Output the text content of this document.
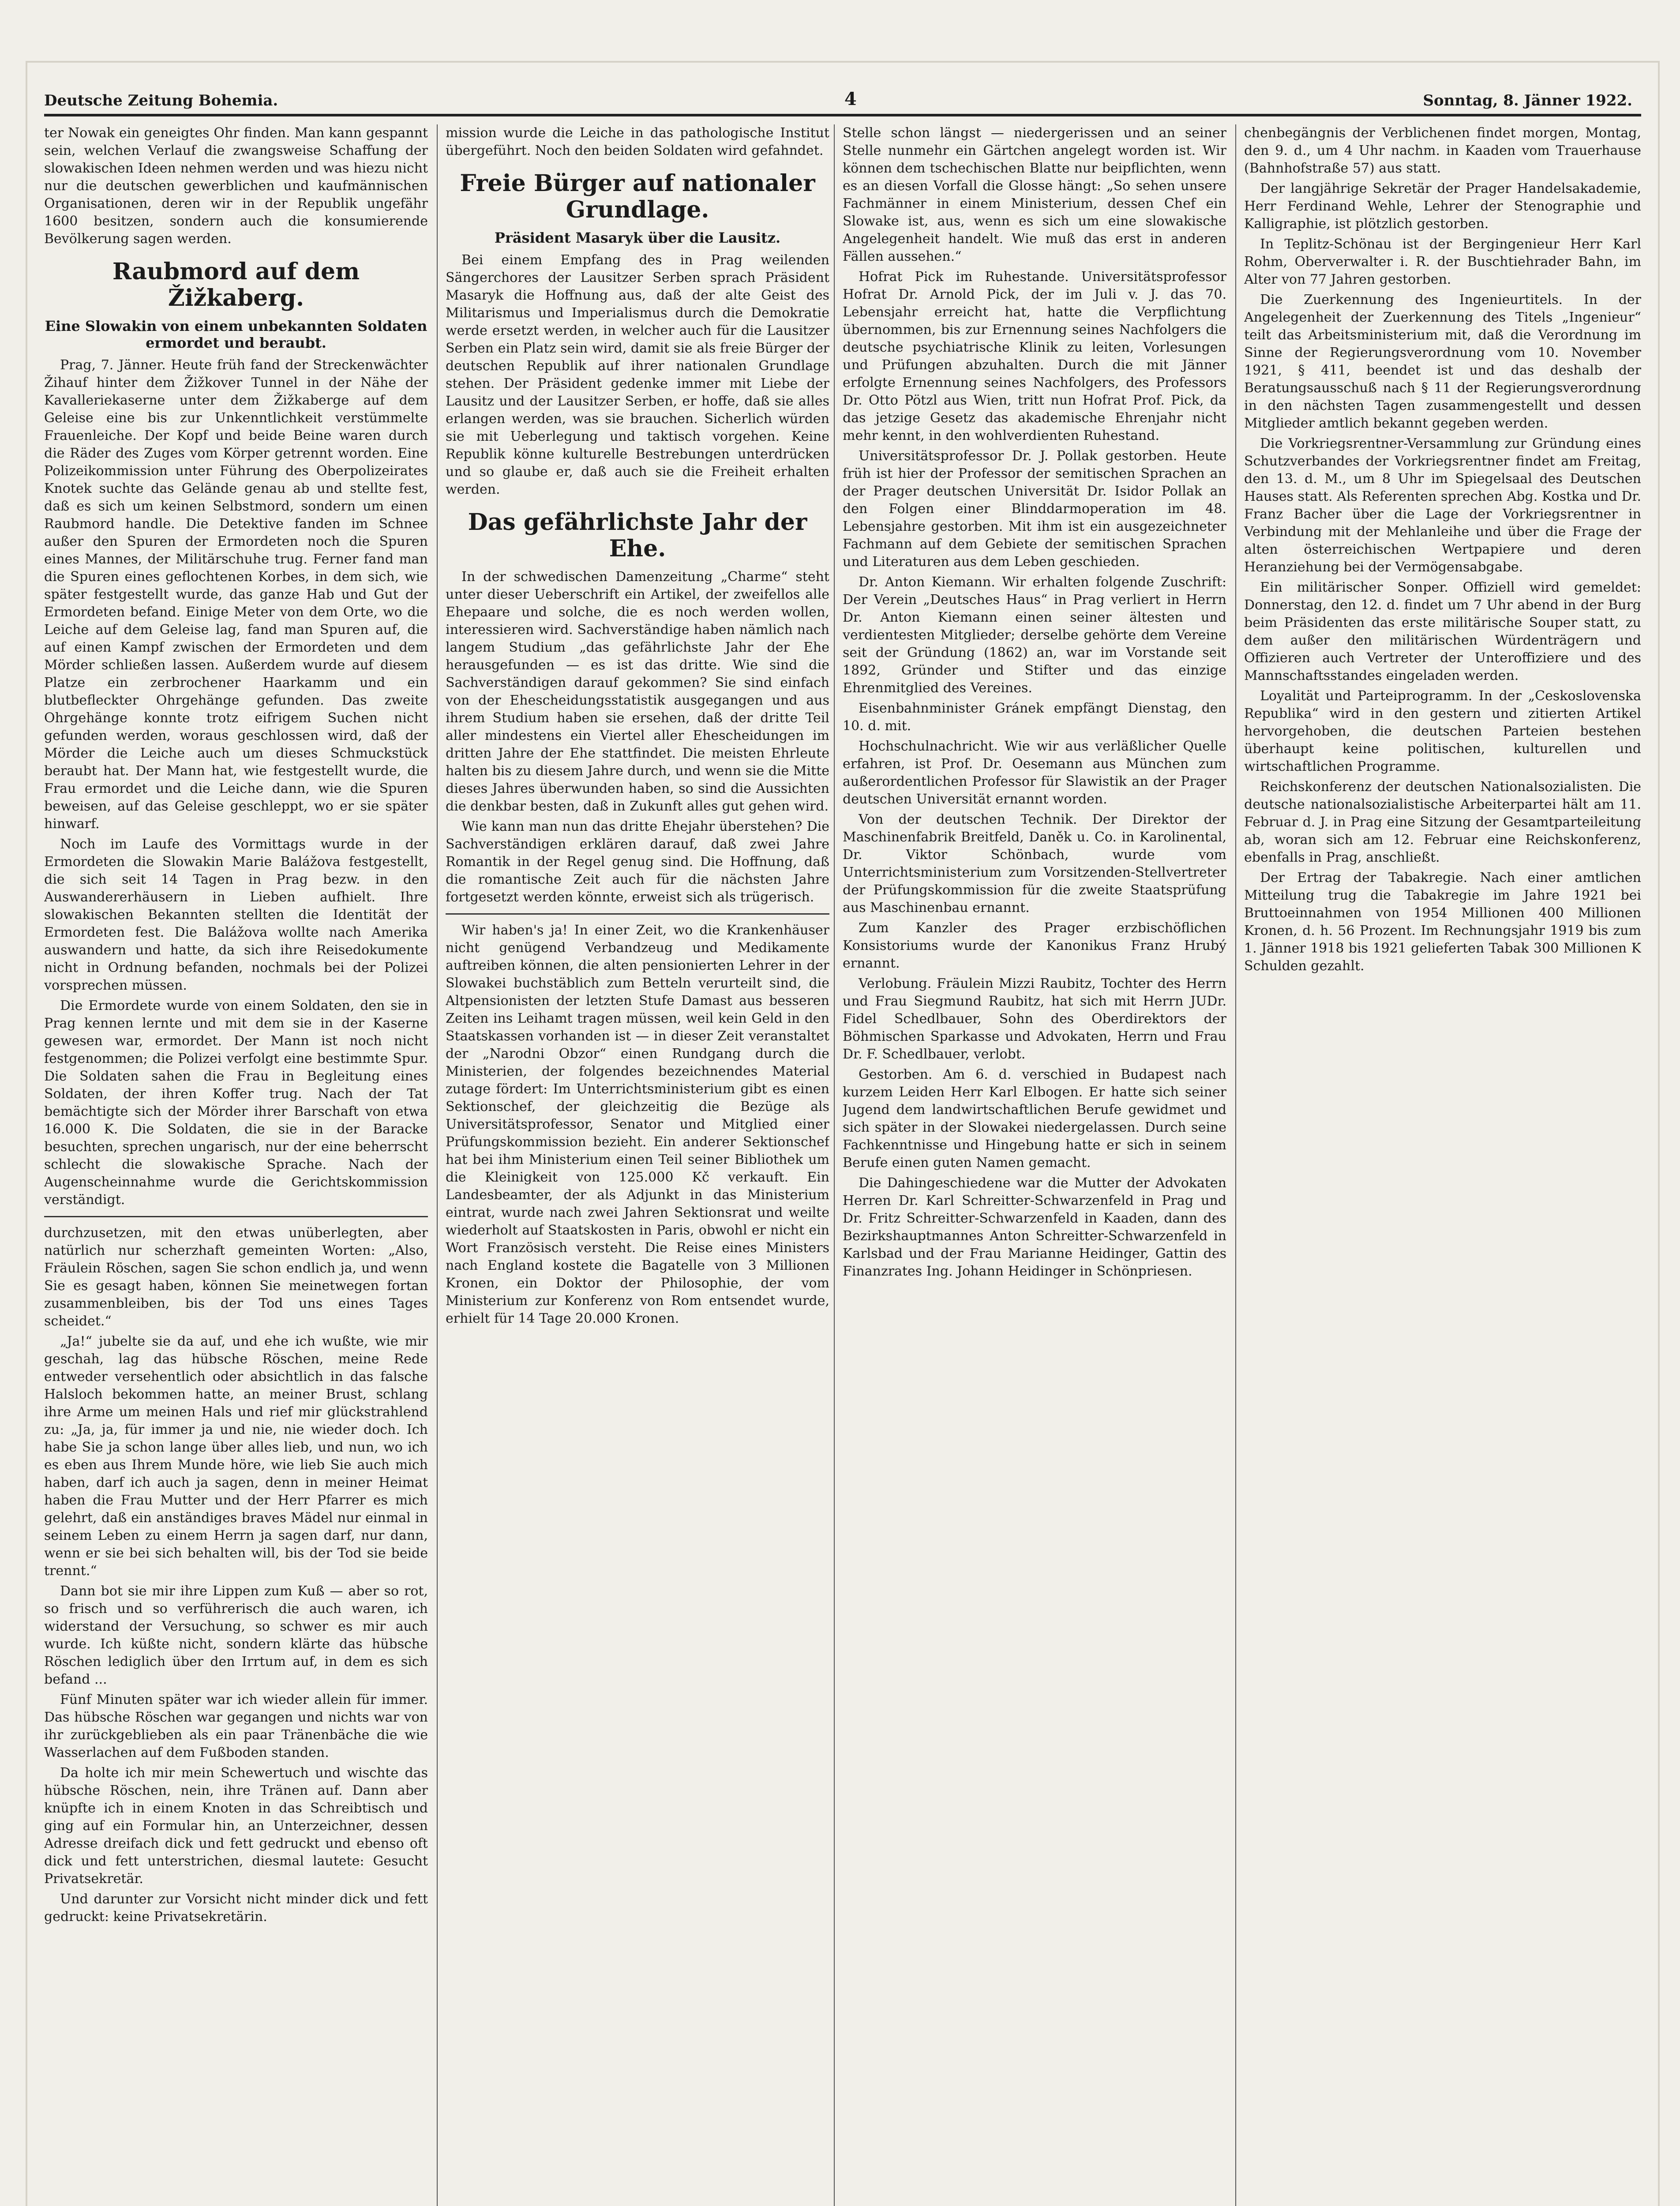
Deutsche Zeitung Bohemia.	4	Sonntag, 8. Jänner 1922.

ter Nowak ein geneigtes Ohr finden. Man kann gespannt sein, welchen Verlauf die zwangsweise Schaffung der slowakischen Ideen nehmen werden und was hiezu nicht nur die deutschen gewerblichen und kaufmännischen Organisationen, deren wir in der Republik ungefähr 1600 besitzen, sondern auch die konsumierende Bevölkerung sagen werden.

Raubmord auf dem Žižkaberg.
Eine Slowakin von einem unbekannten Soldaten ermordet und beraubt.

Prag, 7. Jänner. Heute früh fand der Streckenwächter Žihauf hinter dem Žižkover Tunnel in der Nähe der Kavalleriekaserne unter dem Žižkaberge auf dem Geleise eine bis zur Unkenntlichkeit verstümmelte Frauenleiche. Der Kopf und beide Beine waren durch die Räder des Zuges vom Körper getrennt worden. Eine Polizeikommission unter Führung des Oberpolizeirates Knotek suchte das Gelände genau ab und stellte fest, daß es sich um keinen Selbstmord, sondern um einen Raubmord handle. Die Detektive fanden im Schnee außer den Spuren der Ermordeten noch die Spuren eines Mannes, der Militärschuhe trug. Ferner fand man die Spuren eines geflochtenen Korbes, in dem sich, wie später festgestellt wurde, das ganze Hab und Gut der Ermordeten befand. Einige Meter von dem Orte, wo die Leiche auf dem Geleise lag, fand man Spuren auf, die auf einen Kampf zwischen der Ermordeten und dem Mörder schließen lassen. Außerdem wurde auf diesem Platze ein zerbrochener Haarkamm und ein blutbefleckter Ohrgehänge gefunden. Das zweite Ohrgehänge konnte trotz eifrigem Suchen nicht gefunden werden, woraus geschlossen wird, daß der Mörder die Leiche auch um dieses Schmuckstück beraubt hat. Der Mann hat, wie festgestellt wurde, die Frau ermordet und die Leiche dann, wie die Spuren beweisen, auf das Geleise geschleppt, wo er sie später hinwarf.

Noch im Laufe des Vormittags wurde in der Ermordeten die Slowakin Marie Balážova festgestellt, die sich seit 14 Tagen in Prag bezw. in den Auswandererhäusern in Lieben aufhielt. Ihre slowakischen Bekannten stellten die Identität der Ermordeten fest. Die Balážova wollte nach Amerika auswandern und hatte, da sich ihre Reisedokumente nicht in Ordnung befanden, nochmals bei der Polizei vorsprechen müssen.

Die Ermordete wurde von einem Soldaten, den sie in Prag kennen lernte und mit dem sie in der Kaserne gewesen war, ermordet. Der Mann ist noch nicht festgenommen; die Polizei verfolgt eine bestimmte Spur. Die Soldaten sahen die Frau in Begleitung eines Soldaten, der ihren Koffer trug. Nach der Tat bemächtigte sich der Mörder ihrer Barschaft von etwa 16.000 K. Die Soldaten, die sie in der Baracke besuchten, sprechen ungarisch, nur der eine beherrscht schlecht die slowakische Sprache. Nach der Augenscheinnahme wurde die Gerichtskommission verständigt.

durchzusetzen, mit den etwas unüberlegten, aber natürlich nur scherzhaft gemeinten Worten: „Also, Fräulein Röschen, sagen Sie schon endlich ja, und wenn Sie es gesagt haben, können Sie meinetwegen fortan zusammenbleiben, bis der Tod uns eines Tages scheidet.“

„Ja!“ jubelte sie da auf, und ehe ich wußte, wie mir geschah, lag das hübsche Röschen, meine Rede entweder versehentlich oder absichtlich in das falsche Halsloch bekommen hatte, an meiner Brust, schlang ihre Arme um meinen Hals und rief mir glückstrahlend zu: „Ja, ja, für immer ja und nie, nie wieder doch. Ich habe Sie ja schon lange über alles lieb, und nun, wo ich es eben aus Ihrem Munde höre, wie lieb Sie auch mich haben, darf ich auch ja sagen, denn in meiner Heimat haben die Frau Mutter und der Herr Pfarrer es mich gelehrt, daß ein anständiges braves Mädel nur einmal in seinem Leben zu einem Herrn ja sagen darf, nur dann, wenn er sie bei sich behalten will, bis der Tod sie beide trennt.“

Dann bot sie mir ihre Lippen zum Kuß — aber so rot, so frisch und so verführerisch die auch waren, ich widerstand der Versuchung, so schwer es mir auch wurde. Ich küßte nicht, sondern klärte das hübsche Röschen lediglich über den Irrtum auf, in dem es sich befand ...

Fünf Minuten später war ich wieder allein für immer. Das hübsche Röschen war gegangen und nichts war von ihr zurückgeblieben als ein paar Tränenbäche die wie Wasserlachen auf dem Fußboden standen.

Da holte ich mir mein Schewertuch und wischte das hübsche Röschen, nein, ihre Tränen auf. Dann aber knüpfte ich in einem Knoten in das Schreibtisch und ging auf ein Formular hin, an Unterzeichner, dessen Adresse dreifach dick und fett gedruckt und ebenso oft dick und fett unterstrichen, diesmal lautete: Gesucht Privatsekretär.

Und darunter zur Vorsicht nicht minder dick und fett gedruckt: keine Privatsekretärin.

mission wurde die Leiche in das pathologische Institut übergeführt. Noch den beiden Soldaten wird gefahndet.

Freie Bürger auf nationaler Grundlage.
Präsident Masaryk über die Lausitz.

Bei einem Empfang des in Prag weilenden Sängerchores der Lausitzer Serben sprach Präsident Masaryk die Hoffnung aus, daß der alte Geist des Militarismus und Imperialismus durch die Demokratie werde ersetzt werden, in welcher auch für die Lausitzer Serben ein Platz sein wird, damit sie als freie Bürger der deutschen Republik auf ihrer nationalen Grundlage stehen. Der Präsident gedenke immer mit Liebe der Lausitz und der Lausitzer Serben, er hoffe, daß sie alles erlangen werden, was sie brauchen. Sicherlich würden sie mit Ueberlegung und taktisch vorgehen. Keine Republik könne kulturelle Bestrebungen unterdrücken und so glaube er, daß auch sie die Freiheit erhalten werden.

Das gefährlichste Jahr der Ehe.

In der schwedischen Damenzeitung „Charme“ steht unter dieser Ueberschrift ein Artikel, der zweifellos alle Ehepaare und solche, die es noch werden wollen, interessieren wird. Sachverständige haben nämlich nach langem Studium „das gefährlichste Jahr der Ehe herausgefunden — es ist das dritte. Wie sind die Sachverständigen darauf gekommen? Sie sind einfach von der Ehescheidungsstatistik ausgegangen und aus ihrem Studium haben sie ersehen, daß der dritte Teil aller mindestens ein Viertel aller Ehescheidungen im dritten Jahre der Ehe stattfindet. Die meisten Ehrleute halten bis zu diesem Jahre durch, und wenn sie die Mitte dieses Jahres überwunden haben, so sind die Aussichten die denkbar besten, daß in Zukunft alles gut gehen wird.

Wie kann man nun das dritte Ehejahr überstehen? Die Sachverständigen erklären darauf, daß zwei Jahre Romantik in der Regel genug sind. Die Hoffnung, daß die romantische Zeit auch für die nächsten Jahre fortgesetzt werden könnte, erweist sich als trügerisch.

Wir haben's ja! In einer Zeit, wo die Krankenhäuser nicht genügend Verbandzeug und Medikamente auftreiben können, die alten pensionierten Lehrer in der Slowakei buchstäblich zum Betteln verurteilt sind, die Altpensionisten der letzten Stufe Damast aus besseren Zeiten ins Leihamt tragen müssen, weil kein Geld in den Staatskassen vorhanden ist — in dieser Zeit veranstaltet der „Narodni Obzor“ einen Rundgang durch die Ministerien, der folgendes bezeichnendes Material zutage fördert: Im Unterrichtsministerium gibt es einen Sektionschef, der gleichzeitig die Bezüge als Universitätsprofessor, Senator und Mitglied einer Prüfungskommission bezieht. Ein anderer Sektionschef hat bei ihm Ministerium einen Teil seiner Bibliothek um die Kleinigkeit von 125.000 Kč verkauft. Ein Landesbeamter, der als Adjunkt in das Ministerium eintrat, wurde nach zwei Jahren Sektionsrat und weilte wiederholt auf Staatskosten in Paris, obwohl er nicht ein Wort Französisch versteht. Die Reise eines Ministers nach England kostete die Bagatelle von 3 Millionen Kronen, ein Doktor der Philosophie, der vom Ministerium zur Konferenz von Rom entsendet wurde, erhielt für 14 Tage 20.000 Kronen.

Stelle schon längst — niedergerissen und an seiner Stelle nunmehr ein Gärtchen angelegt worden ist. Wir können dem tschechischen Blatte nur beipflichten, wenn es an diesen Vorfall die Glosse hängt: „So sehen unsere Fachmänner in einem Ministerium, dessen Chef ein Slowake ist, aus, wenn es sich um eine slowakische Angelegenheit handelt. Wie muß das erst in anderen Fällen aussehen.“

Hofrat Pick im Ruhestande. Universitätsprofessor Hofrat Dr. Arnold Pick, der im Juli v. J. das 70. Lebensjahr erreicht hat, hatte die Verpflichtung übernommen, bis zur Ernennung seines Nachfolgers die deutsche psychiatrische Klinik zu leiten, Vorlesungen und Prüfungen abzuhalten. Durch die mit Jänner erfolgte Ernennung seines Nachfolgers, des Professors Dr. Otto Pötzl aus Wien, tritt nun Hofrat Prof. Pick, da das jetzige Gesetz das akademische Ehrenjahr nicht mehr kennt, in den wohlverdienten Ruhestand.

Universitätsprofessor Dr. J. Pollak gestorben. Heute früh ist hier der Professor der semitischen Sprachen an der Prager deutschen Universität Dr. Isidor Pollak an den Folgen einer Blinddarmoperation im 48. Lebensjahre gestorben. Mit ihm ist ein ausgezeichneter Fachmann auf dem Gebiete der semitischen Sprachen und Literaturen aus dem Leben geschieden.

Dr. Anton Kiemann. Wir erhalten folgende Zuschrift: Der Verein „Deutsches Haus“ in Prag verliert in Herrn Dr. Anton Kiemann einen seiner ältesten und verdientesten Mitglieder; derselbe gehörte dem Vereine seit der Gründung (1862) an, war im Vorstande seit 1892, Gründer und Stifter und das einzige Ehrenmitglied des Vereines.

Eisenbahnminister Gránek empfängt Dienstag, den 10. d. mit.

Hochschulnachricht. Wie wir aus verläßlicher Quelle erfahren, ist Prof. Dr. Oesemann aus München zum außerordentlichen Professor für Slawistik an der Prager deutschen Universität ernannt worden.

Von der deutschen Technik. Der Direktor der Maschinenfabrik Breitfeld, Daněk u. Co. in Karolinental, Dr. Viktor Schönbach, wurde vom Unterrichtsministerium zum Vorsitzenden-Stellvertreter der Prüfungskommission für die zweite Staatsprüfung aus Maschinenbau ernannt.

Zum Kanzler des Prager erzbischöflichen Konsistoriums wurde der Kanonikus Franz Hrubý ernannt.

Verlobung. Fräulein Mizzi Raubitz, Tochter des Herrn und Frau Siegmund Raubitz, hat sich mit Herrn JUDr. Fidel Schedlbauer, Sohn des Oberdirektors der Böhmischen Sparkasse und Advokaten, Herrn und Frau Dr. F. Schedlbauer, verlobt.

Gestorben. Am 6. d. verschied in Budapest nach kurzem Leiden Herr Karl Elbogen. Er hatte sich seiner Jugend dem landwirtschaftlichen Berufe gewidmet und sich später in der Slowakei niedergelassen. Durch seine Fachkenntnisse und Hingebung hatte er sich in seinem Berufe einen guten Namen gemacht.

Die Dahingeschiedene war die Mutter der Advokaten Herren Dr. Karl Schreitter-Schwarzenfeld in Prag und Dr. Fritz Schreitter-Schwarzenfeld in Kaaden, dann des Bezirkshauptmannes Anton Schreitter-Schwarzenfeld in Karlsbad und der Frau Marianne Heidinger, Gattin des Finanzrates Ing. Johann Heidinger in Schönpriesen.

chenbegängnis der Verblichenen findet morgen, Montag, den 9. d., um 4 Uhr nachm. in Kaaden vom Trauerhause (Bahnhofstraße 57) aus statt.

Der langjährige Sekretär der Prager Handelsakademie, Herr Ferdinand Wehle, Lehrer der Stenographie und Kalligraphie, ist plötzlich gestorben.

In Teplitz-Schönau ist der Bergingenieur Herr Karl Rohm, Oberverwalter i. R. der Buschtiehrader Bahn, im Alter von 77 Jahren gestorben.

Die Zuerkennung des Ingenieurtitels. In der Angelegenheit der Zuerkennung des Titels „Ingenieur“ teilt das Arbeitsministerium mit, daß die Verordnung im Sinne der Regierungsverordnung vom 10. November 1921, § 411, beendet ist und das deshalb der Beratungsausschuß nach § 11 der Regierungsverordnung in den nächsten Tagen zusammengestellt und dessen Mitglieder amtlich bekannt gegeben werden.

Die Vorkriegsrentner-Versammlung zur Gründung eines Schutzverbandes der Vorkriegsrentner findet am Freitag, den 13. d. M., um 8 Uhr im Spiegelsaal des Deutschen Hauses statt. Als Referenten sprechen Abg. Kostka und Dr. Franz Bacher über die Lage der Vorkriegsrentner in Verbindung mit der Mehlanleihe und über die Frage der alten österreichischen Wertpapiere und deren Heranziehung bei der Vermögensabgabe.

Ein militärischer Sonper. Offiziell wird gemeldet: Donnerstag, den 12. d. findet um 7 Uhr abend in der Burg beim Präsidenten das erste militärische Souper statt, zu dem außer den militärischen Würdenträgern und Offizieren auch Vertreter der Unteroffiziere und des Mannschaftsstandes eingeladen werden.

Loyalität und Parteiprogramm. In der „Ceskoslovenska Republika“ wird in den gestern und zitierten Artikel hervorgehoben, die deutschen Parteien bestehen überhaupt keine politischen, kulturellen und wirtschaftlichen Programme.

Reichskonferenz der deutschen Nationalsozialisten. Die deutsche nationalsozialistische Arbeiterpartei hält am 11. Februar d. J. in Prag eine Sitzung der Gesamtparteileitung ab, woran sich am 12. Februar eine Reichskonferenz, ebenfalls in Prag, anschließt.

Der Ertrag der Tabakregie. Nach einer amtlichen Mitteilung trug die Tabakregie im Jahre 1921 bei Bruttoeinnahmen von 1954 Millionen 400 Millionen Kronen, d. h. 56 Prozent. Im Rechnungsjahr 1919 bis zum 1. Jänner 1918 bis 1921 gelieferten Tabak 300 Millionen K Schulden gezahlt.
